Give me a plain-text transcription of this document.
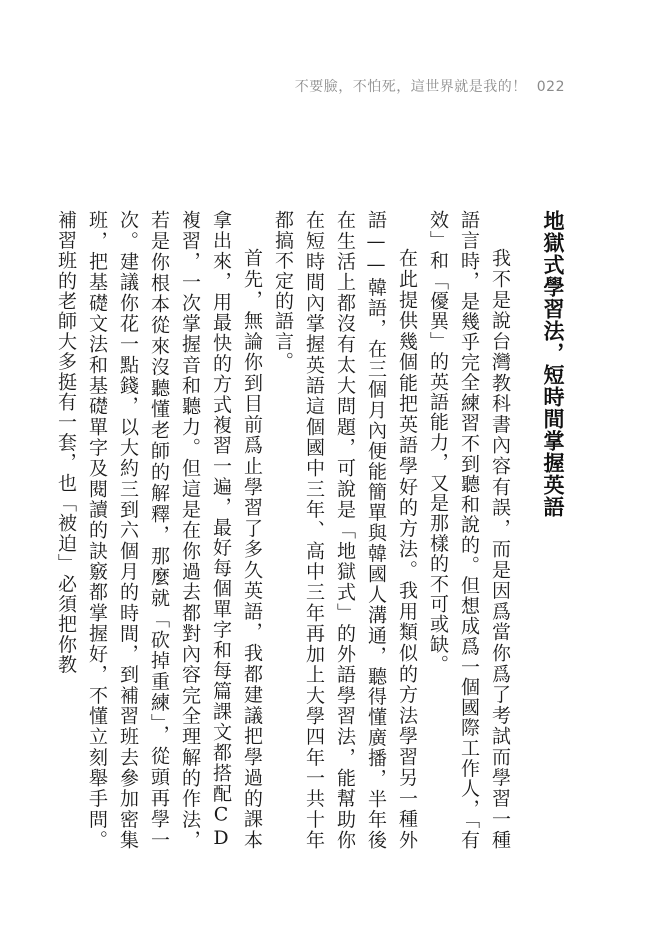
不要臉，不怕死，這世界就是我的！ 022
地獄式學習法，短時間掌握英語

我不是說台灣教科書內容有誤，而是因爲當你爲了考試而學習一種語言時，是幾乎完全練習不到聽和說的。但想成爲一個國際工作人，「有效」和「優異」的英語能力，又是那樣的不可或缺。

在此提供幾個能把英語學好的方法。我用類似的方法學習另一種外語——韓語，在三個月內便能簡單與韓國人溝通，聽得懂廣播，半年後在生活上都沒有太大問題，可說是「地獄式」的外語學習法，能幫助你在短時間內掌握英語這個國中三年、高中三年再加上大學四年一共十年都搞不定的語言。

首先，無論你到目前爲止學習了多久英語，我都建議把學過的課本拿出來，用最快的方式複習一遍，最好每個單字和每篇課文都搭配CD複習，一次掌握音和聽力。但這是在你過去都對內容完全理解的作法，若是你根本從來沒聽懂老師的解釋，那麼就「砍掉重練」，從頭再學一次。建議你花一點錢，以大約三到六個月的時間，到補習班去參加密集班，把基礎文法和基礎單字及閱讀的訣竅都掌握好，不懂立刻舉手問。補習班的老師大多挺有一套，也「被迫」必須把你教
